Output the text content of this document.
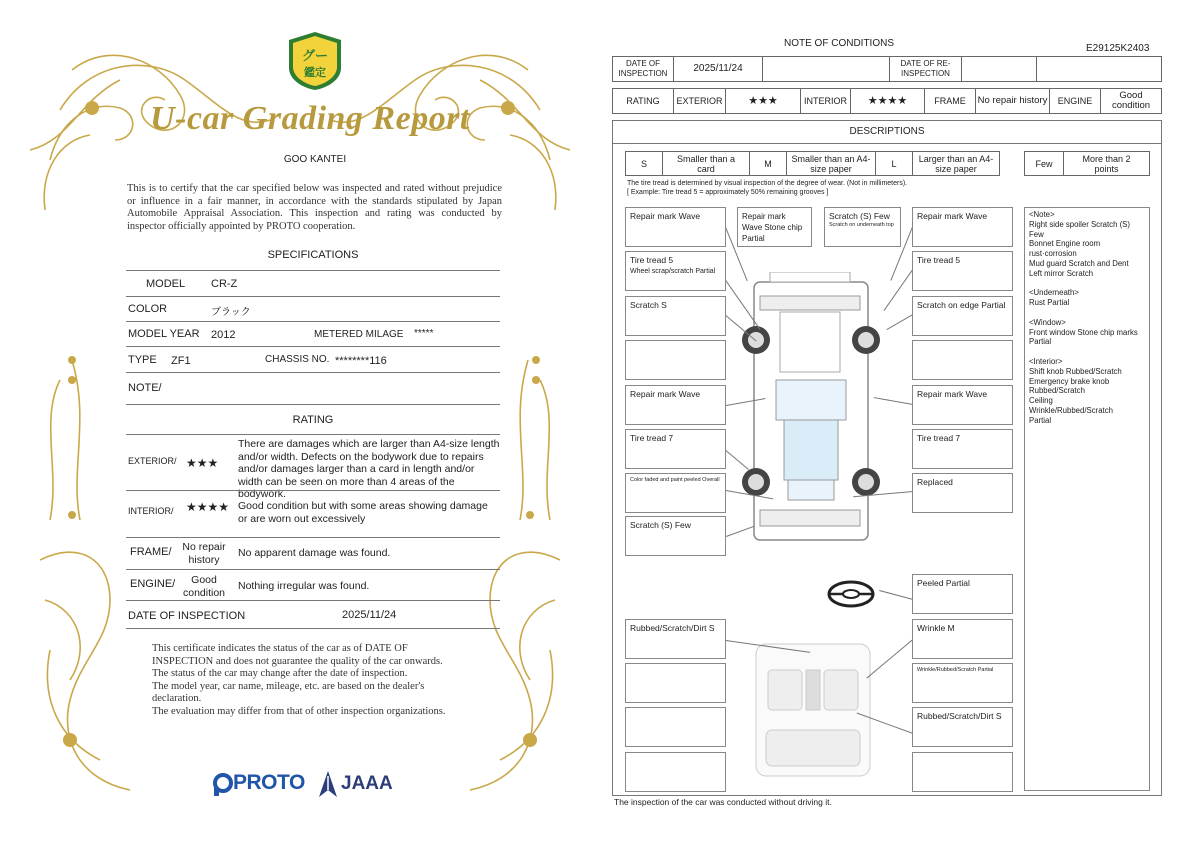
グー
鑑定
U-car Grading Report
GOO KANTEI
This is to certify that the car specified below was inspected and rated without prejudice or influence in a fair manner, in accordance with the standards stipulated by Japan Automobile Appraisal Association. This inspection and rating was conducted by inspector officially appointed by PROTO cooperation.
SPECIFICATIONS
MODEL CR-Z
COLOR	ブラック
MODEL YEAR 2012	METERED MILAGE *****
TYPE ZF1	CHASSIS NO. ********116
NOTE/
RATING
EXTERIOR/ ★★★
There are damages which are larger than A4-size length and/or width. Defects on the bodywork due to repairs and/or damages larger than a card in length and/or width can be seen on more than 4 areas of the bodywork.
INTERIOR/ ★★★★ Good condition but with some areas showing damage or are worn out excessively
FRAME/	No repair history
No apparent damage was found.
ENGINE/	Good condition
Nothing irregular was found.
DATE OF INSPECTION	2025/11/24
This certificate indicates the status of the car as of DATE OF
INSPECTION and does not guarantee the quality of the car onwards.
The status of the car may change after the date of inspection.
The model year, car name, mileage, etc. are based on the dealer's
declaration.
The evaluation may differ from that of other inspection organizations.
PROTO JAAA
NOTE OF CONDITIONS	E29125K2403
DATE OF INSPECTION	2025/11/24	DATE OF RE-INSPECTION
RATING	EXTERIOR	★★★	INTERIOR	★★★★	FRAME	No repair history	ENGINE	Good condition
DESCRIPTIONS
S	Smaller than a card	M	Smaller than an A4-size paper	L	Larger than an A4-size paper	Few	More than 2 points
The tire tread is determined by visual inspection of the degree of wear. (Not in millimeters).
[ Example: Tire tread 5 = approximately 50% remaining grooves ]
Repair mark Wave
Tire tread 5
Wheel scrap/scratch Partial
Scratch S
Repair mark Wave
Tire tread 7
Color faded and paint peeled Overall
Scratch (S) Few
Rubbed/Scratch/Dirt S
Repair mark Wave Stone chip Partial
Scratch (S) Few
Scratch on underneath top
Repair mark Wave
Tire tread 5
Scratch on edge Partial
Repair mark Wave
Tire tread 7
Replaced
Peeled Partial
Wrinkle M
Wrinkle/Rubbed/Scratch Partial
Rubbed/Scratch/Dirt S
<Note>
Right side spoiler Scratch (S)
Few
Bonnet Engine room
rust·corrosion
Mud guard Scratch and Dent
Left mirror Scratch
<Underneath>
Rust Partial
<Window>
Front window Stone chip marks
Partial
<Interior>
Shift knob Rubbed/Scratch
Emergency brake knob
Rubbed/Scratch
Ceiling
Wrinkle/Rubbed/Scratch
Partial
The inspection of the car was conducted without driving it.
